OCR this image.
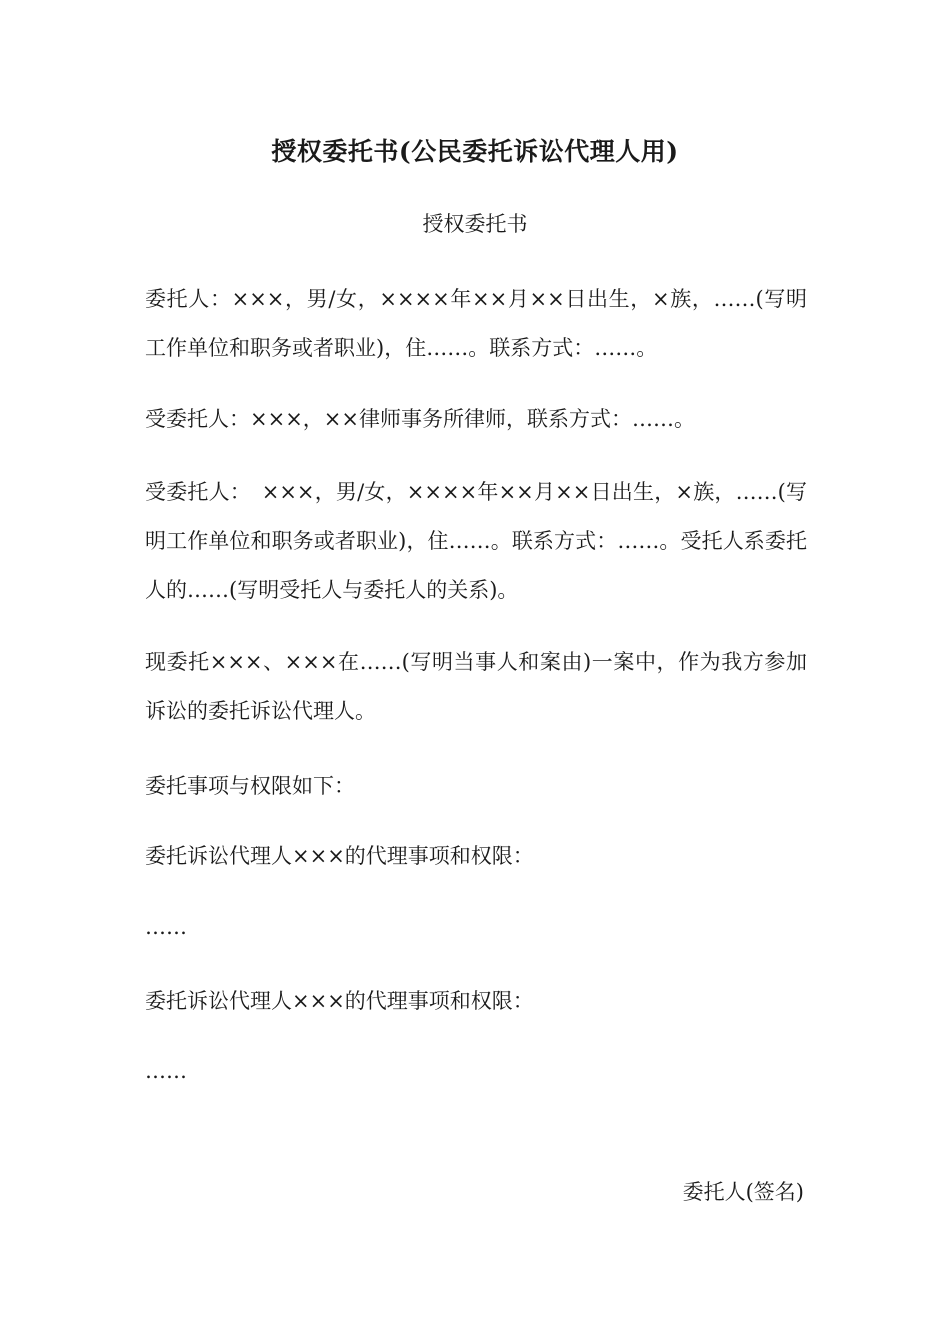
授权委托书(公民委托诉讼代理人用)

授权委托书

委托人：×××，男/女，××××年××月××日出生，×族，……(写明工作单位和职务或者职业)，住……。联系方式：……。

受委托人：×××，××律师事务所律师，联系方式：……。

受委托人：　×××，男/女，××××年××月××日出生，×族，……(写明工作单位和职务或者职业)，住……。联系方式：……。受托人系委托人的……(写明受托人与委托人的关系)。

现委托×××、×××在……(写明当事人和案由)一案中，作为我方参加诉讼的委托诉讼代理人。

委托事项与权限如下：

委托诉讼代理人×××的代理事项和权限：

……

委托诉讼代理人×××的代理事项和权限：

……

委托人(签名)
